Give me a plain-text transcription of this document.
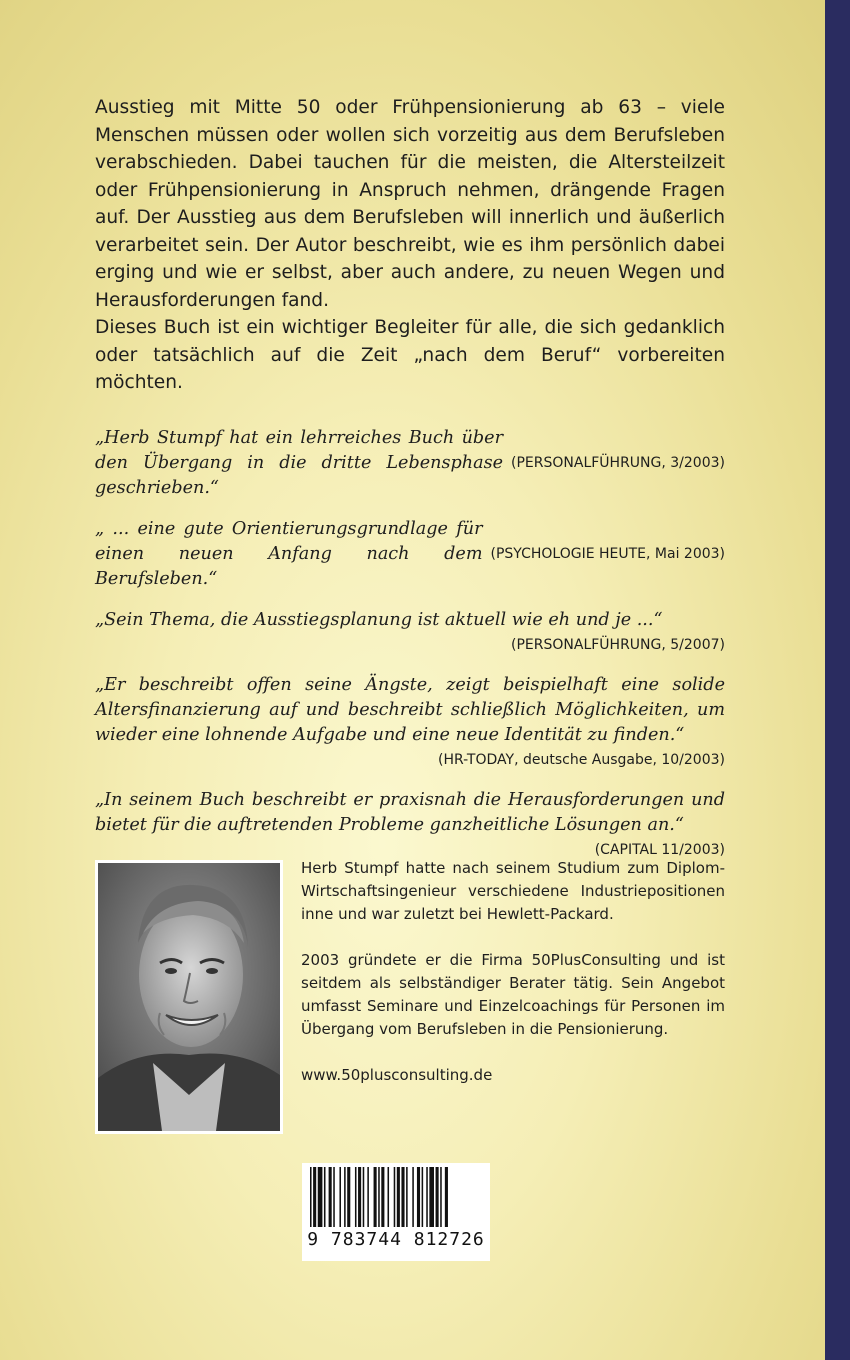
Ausstieg mit Mitte 50 oder Frühpensionierung ab 63 – viele Menschen müssen oder wollen sich vorzeitig aus dem Berufsleben verabschieden. Dabei tauchen für die meisten, die Altersteilzeit oder Frühpensionierung in Anspruch nehmen, drängende Fragen auf. Der Ausstieg aus dem Berufsleben will innerlich und äußerlich verarbeitet sein. Der Autor beschreibt, wie es ihm persönlich dabei erging und wie er selbst, aber auch andere, zu neuen Wegen und Herausforderungen fand.

Dieses Buch ist ein wichtiger Begleiter für alle, die sich gedanklich oder tatsächlich auf die Zeit „nach dem Beruf“ vorbereiten möchten.

(PERSONALFÜHRUNG, 3/2003)
„Herb Stumpf hat ein lehrreiches Buch über den Übergang in die dritte Lebensphase geschrieben.“
(PSYCHOLOGIE HEUTE, Mai 2003)
„ ... eine gute Orientierungsgrundlage für einen neuen Anfang nach dem Berufsleben.“
„Sein Thema, die Ausstiegsplanung ist aktuell wie eh und je ...“
(PERSONALFÜHRUNG, 5/2007)
„Er beschreibt offen seine Ängste, zeigt beispielhaft eine solide Altersfinanzierung auf und beschreibt schließlich Möglichkeiten, um wieder eine lohnende Aufgabe und eine neue Identität zu finden.“
(HR-TODAY, deutsche Ausgabe, 10/2003)
„In seinem Buch beschreibt er praxisnah die Herausforderungen und bietet für die auftretenden Probleme ganzheitliche Lösungen an.“
(CAPITAL 11/2003)

Herb Stumpf hatte nach seinem Studium zum Diplom-Wirtschaftsingenieur verschiedene Industriepositionen inne und war zuletzt bei Hewlett-Packard.

2003 gründete er die Firma 50PlusConsulting und ist seitdem als selbständiger Berater tätig. Sein Angebot umfasst Seminare und Einzelcoachings für Personen im Übergang vom Berufsleben in die Pensionierung.

www.50plusconsulting.de

9 783744 812726
